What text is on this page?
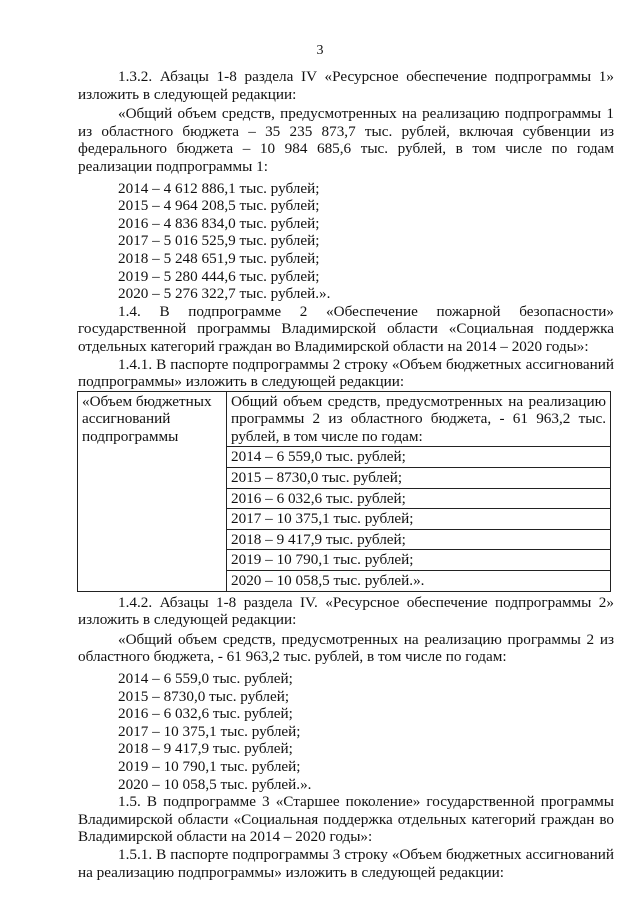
3

1.3.2. Абзацы 1-8 раздела IV «Ресурсное обеспечение подпрограммы 1» изложить в следующей редакции:

«Общий объем средств, предусмотренных на реализацию подпрограммы 1 из областного бюджета – 35 235 873,7 тыс. рублей, включая субвенции из федерального бюджета – 10 984 685,6 тыс. рублей, в том числе по годам реализации подпрограммы 1:

2014 – 4 612 886,1 тыс. рублей;

2015 – 4 964 208,5 тыс. рублей;

2016 – 4 836 834,0 тыс. рублей;

2017 – 5 016 525,9 тыс. рублей;

2018 – 5 248 651,9 тыс. рублей;

2019 – 5 280 444,6 тыс. рублей;

2020 – 5 276 322,7 тыс. рублей.».

1.4. В подпрограмме 2 «Обеспечение пожарной безопасности» государственной программы Владимирской области «Социальная поддержка отдельных категорий граждан во Владимирской области на 2014 – 2020 годы»:

1.4.1. В паспорте подпрограммы 2 строку «Объем бюджетных ассигнований подпрограммы» изложить в следующей редакции:

«Объем бюджетных ассигнований подпрограммы	Общий объем средств, предусмотренных на реализацию программы 2 из областного бюджета, - 61 963,2 тыс. рублей, в том числе по годам:
2014 – 6 559,0 тыс. рублей;
2015 – 8730,0 тыс. рублей;
2016 – 6 032,6 тыс. рублей;
2017 – 10 375,1 тыс. рублей;
2018 – 9 417,9 тыс. рублей;
2019 – 10 790,1 тыс. рублей;
2020 – 10 058,5 тыс. рублей.».

1.4.2. Абзацы 1-8 раздела IV. «Ресурсное обеспечение подпрограммы 2» изложить в следующей редакции:

«Общий объем средств, предусмотренных на реализацию программы 2 из областного бюджета, - 61 963,2 тыс. рублей, в том числе по годам:

2014 – 6 559,0 тыс. рублей;

2015 – 8730,0 тыс. рублей;

2016 – 6 032,6 тыс. рублей;

2017 – 10 375,1 тыс. рублей;

2018 – 9 417,9 тыс. рублей;

2019 – 10 790,1 тыс. рублей;

2020 – 10 058,5 тыс. рублей.».

1.5. В подпрограмме 3 «Старшее поколение» государственной программы Владимирской области «Социальная поддержка отдельных категорий граждан во Владимирской области на 2014 – 2020 годы»:

1.5.1. В паспорте подпрограммы 3 строку «Объем бюджетных ассигнований на реализацию подпрограммы» изложить в следующей редакции:
